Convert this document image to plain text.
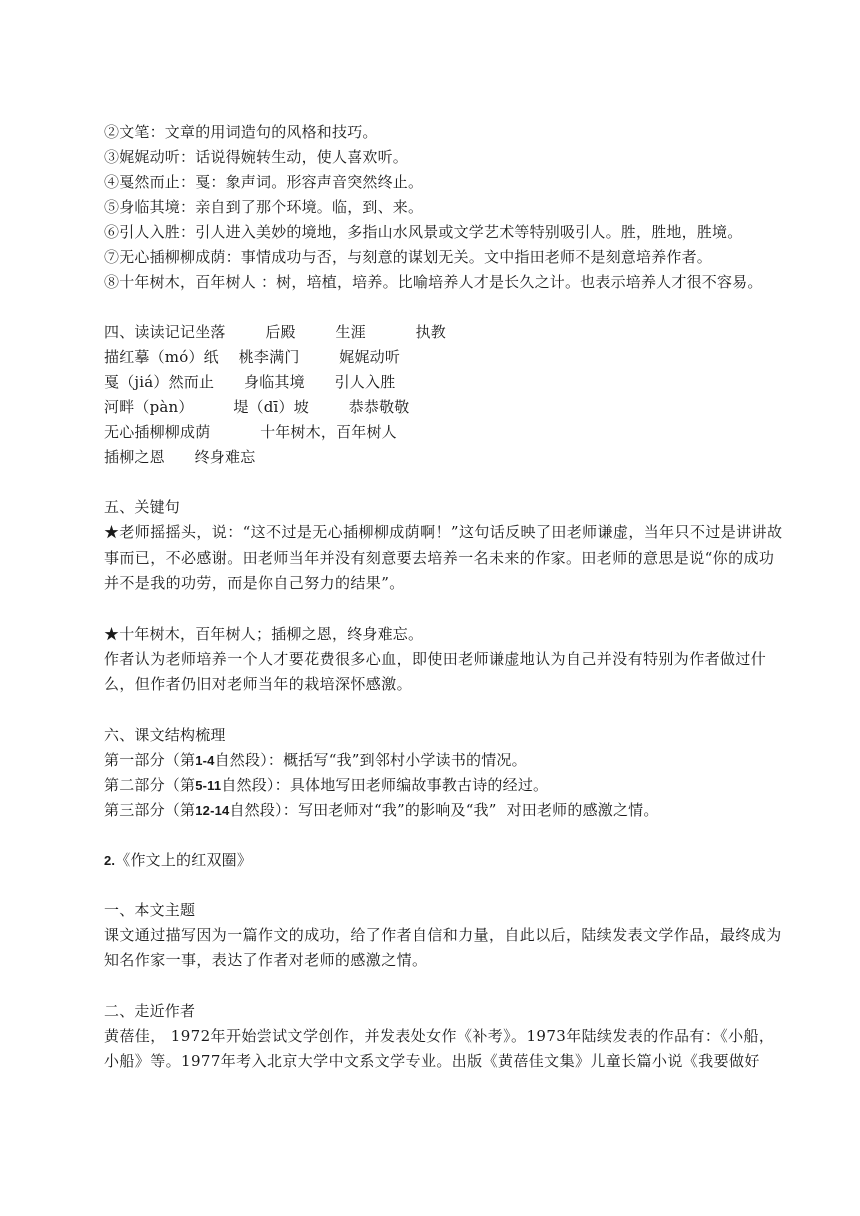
②文笔：文章的用词造句的风格和技巧。
③娓娓动听：话说得婉转生动，使人喜欢听。
④戛然而止：戛：象声词。形容声音突然终止。
⑤身临其境：亲自到了那个环境。临，到、来。
⑥引人入胜：引人进入美妙的境地，多指山水风景或文学艺术等特别吸引人。胜，胜地，胜境。
⑦无心插柳柳成荫：事情成功与否，与刻意的谋划无关。文中指田老师不是刻意培养作者。
⑧十年树木，百年树人 ：树，培植，培养。比喻培养人才是长久之计。也表示培养人才很不容易。
四、读读记记坐落        后殿        生涯          执教
描红摹（mó）纸    桃李满门        娓娓动听
戛（jiá）然而止      身临其境      引人入胜
河畔（pàn）        堤（dī）坡        恭恭敬敬
无心插柳柳成荫          十年树木，百年树人
插柳之恩      终身难忘
五、关键句
★老师摇摇头，说：“这不过是无心插柳柳成荫啊！”这句话反映了田老师谦虚，当年只不过是讲讲故事而已，不必感谢。田老师当年并没有刻意要去培养一名未来的作家。田老师的意思是说“你的成功并不是我的功劳，而是你自己努力的结果”。
★十年树木，百年树人；插柳之恩，终身难忘。
作者认为老师培养一个人才要花费很多心血，即使田老师谦虚地认为自己并没有特别为作者做过什么，但作者仍旧对老师当年的栽培深怀感激。
六、课文结构梳理
第一部分（第1-4自然段）：概括写“我”到邻村小学读书的情况。
第二部分（第5-11自然段）：具体地写田老师编故事教古诗的经过。
第三部分（第12-14自然段）：写田老师对“我”的影响及“我”  对田老师的感激之情。
2.《作文上的红双圈》
一、本文主题
课文通过描写因为一篇作文的成功，给了作者自信和力量，自此以后，陆续发表文学作品，最终成为知名作家一事，表达了作者对老师的感激之情。
二、走近作者
黄蓓佳， 1972年开始尝试文学创作，并发表处女作《补考》。1973年陆续发表的作品有：《小船，小船》等。1977年考入北京大学中文系文学专业。出版《黄蓓佳文集》儿童长篇小说《我要做好
